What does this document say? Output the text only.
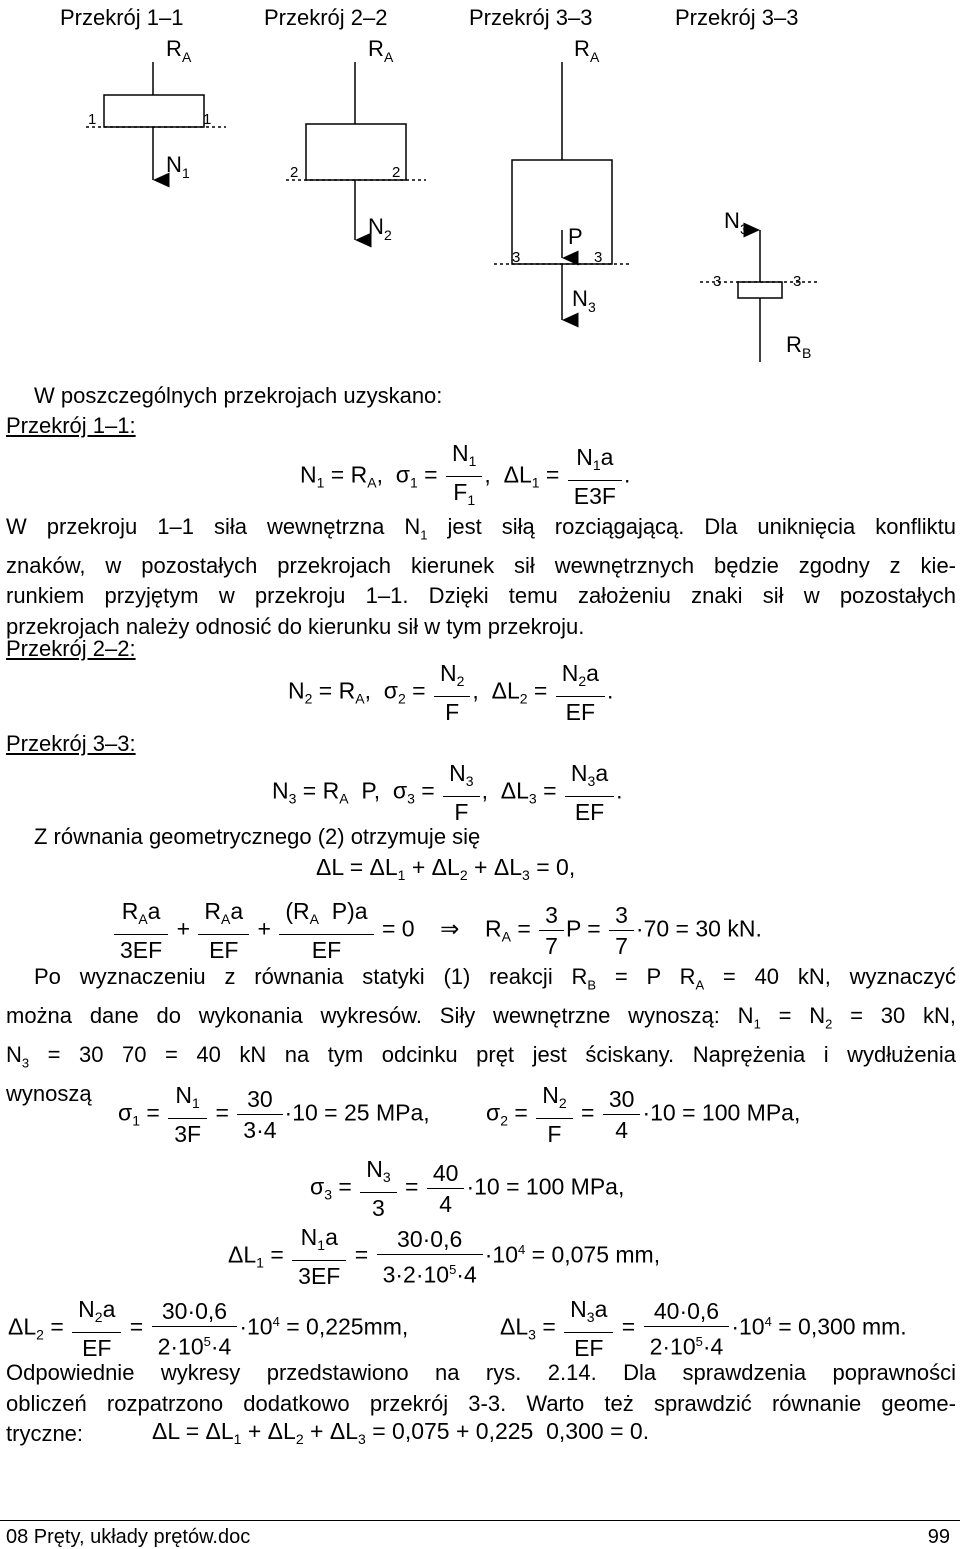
Przekrój 1–1	Przekrój 2–2	Przekrój 3–3	Przekrój 3–3
R A
1	1
N 1
R A
2	2
N 2
R A
P
3	3
N 3
N 3
3	3
R B
W poszczególnych przekrojach uzyskano:
Przekrój 1–1:
$N_1 = R_A$,  $\sigma_1 = \frac{N_1}{F_1}$ ,  $\Delta L_1 = \frac{N_1a}{E3F}$ .
W przekroju 1–1 siła wewnętrzna $N_1$ jest siłą rozciągającą. Dla uniknięcia konfliktu
znaków, w pozostałych przekrojach kierunek sił wewnętrznych będzie zgodny z kie-
runkiem przyjętym w przekroju 1–1. Dzięki temu założeniu znaki sił w pozostałych
przekrojach należy odnosić do kierunku sił w tym przekroju.
Przekrój 2–2:
$N_2 = R_A$,  $\sigma_2 = \frac{N_2}{F}$ ,  $\Delta L_2 = \frac{N_2a}{EF}$ .
Przekrój 3–3:
$N_3 = R_A$  P,  $\sigma_3 = \frac{N_3}{F}$ ,  $\Delta L_3 = \frac{N_3a}{EF}$ .
Z równania geometrycznego (2) otrzymuje się
$\Delta L = \Delta L_1 + \Delta L_2 + \Delta L_3 = 0$,
$\frac{R_Aa}{3EF} + \frac{R_Aa}{EF} + \frac{(R_A P)a}{EF} = 0$    ⇒    $R_A = \frac{3}{7}$ $P = \frac{3}{7} \cdot 70 = 30$ kN.
Po wyznaczeniu z równania statyki (1) reakcji $R_B = P$ $R_A = 40$ kN, wyznaczyć
można dane do wykonania wykresów. Siły wewnętrzne wynoszą: $N_1 = N_2 = 30$ kN,
$N_3 = 30$ 70 = 40 kN na tym odcinku pręt jest ściskany. Naprężenia i wydłużenia
wynoszą
$\sigma_1 = \frac{N_1}{3F} = \frac{30}{3\cdot 4} \cdot 10 = 25$ MPa, $\sigma_2 = \frac{N_2}{F} = \frac{30}{4} \cdot 10 = 100$ MPa,
$\sigma_3 = \frac{N_3}{3} = \frac{40}{4} \cdot 10 = 100$ MPa,
$\Delta L_1 = \frac{N_1a}{3EF} = \frac{30\cdot 0,6}{3\cdot 2\cdot 10^5\cdot 4} \cdot 10^4 = 0,075$ mm,
$\Delta L_2 = \frac{N_2a}{EF} = \frac{30\cdot 0,6}{2\cdot 10^5\cdot 4} \cdot 10^4 = 0,225mm$,	$\Delta L_3 = \frac{N_3a}{EF} = \frac{40\cdot 0,6}{2\cdot 10^5\cdot 4} \cdot 10^4 = 0,300$ mm.
Odpowiednie wykresy przedstawiono na rys. 2.14. Dla sprawdzenia poprawności
obliczeń rozpatrzono dodatkowo przekrój 3-3. Warto też sprawdzić równanie geome-
tryczne:	$\Delta L = \Delta L_1 + \Delta L_2 + \Delta L_3 = 0,075 + 0,225$  0,300 = 0.
08 Pręty, układy prętów.doc	99
